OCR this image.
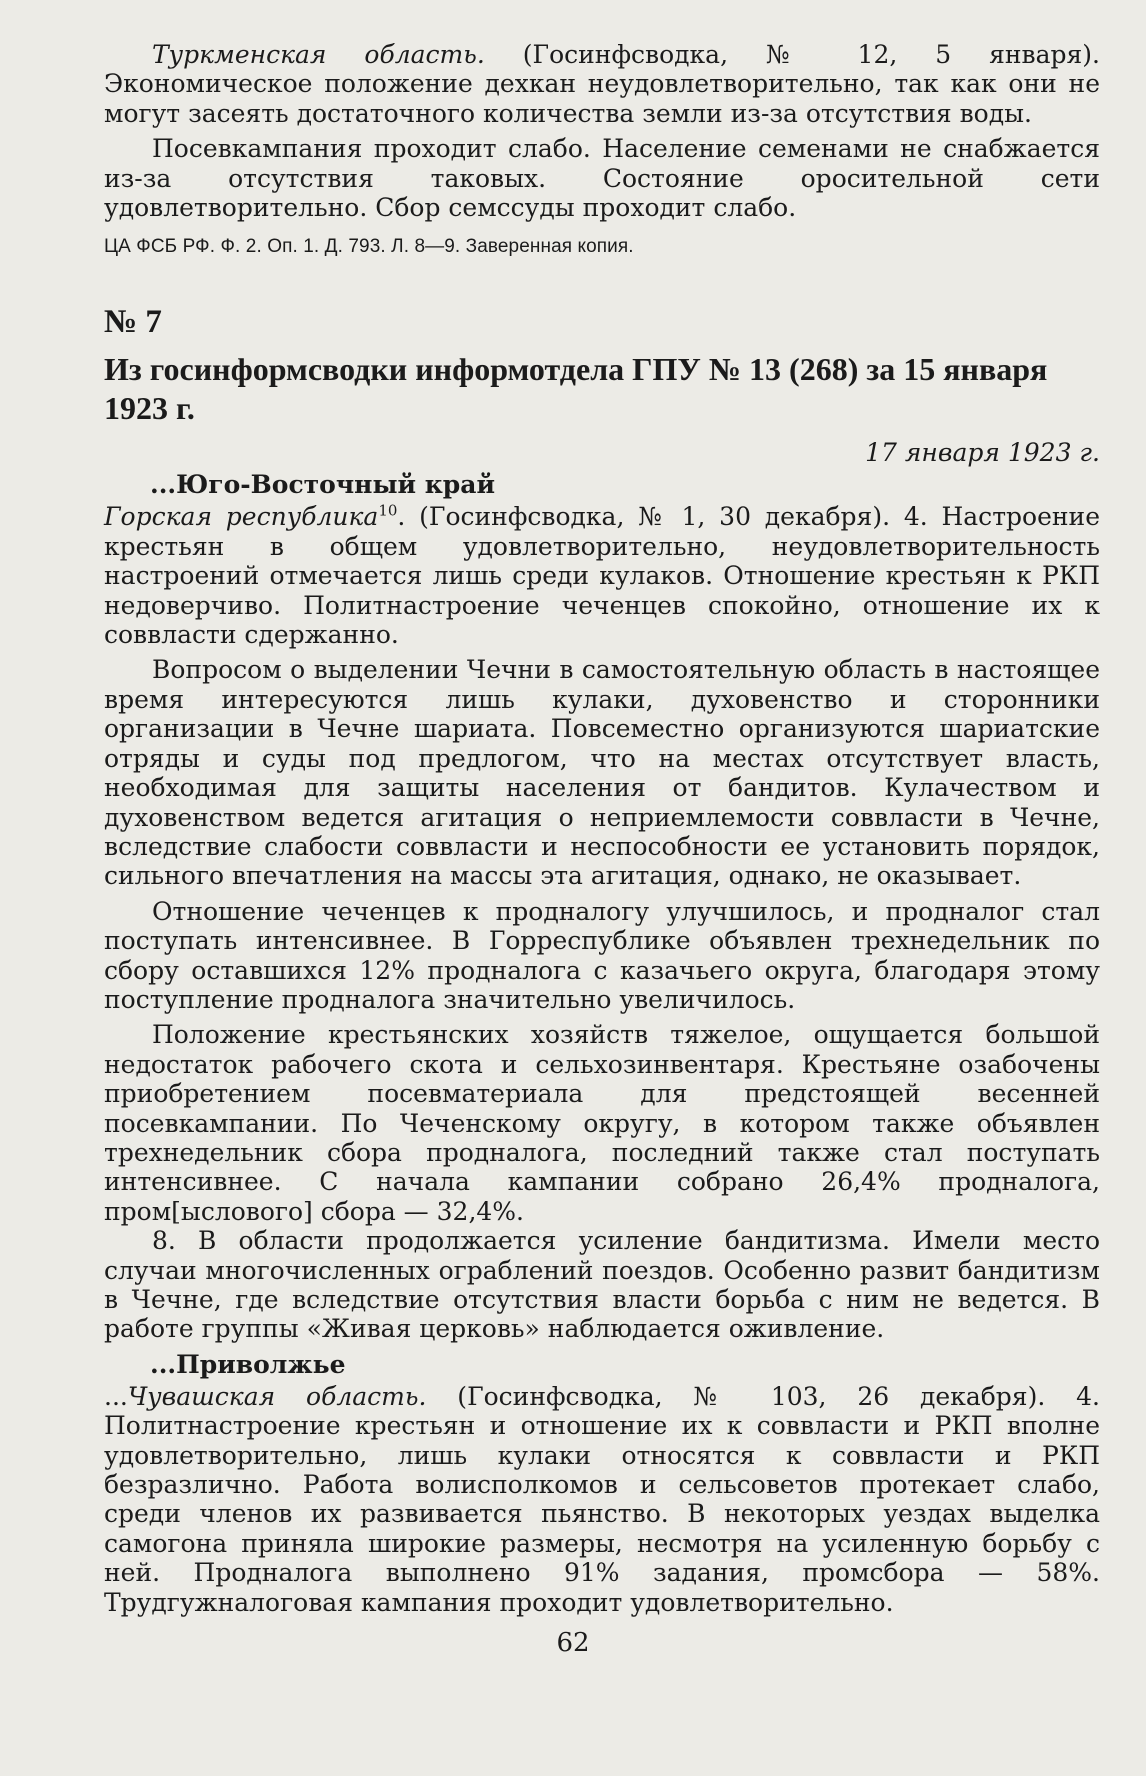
Туркменская область. (Госинфсводка, № 12, 5 января). Экономическое положение дехкан неудовлетворительно, так как они не могут засеять достаточного количества земли из-за отсутствия воды.

Посевкампания проходит слабо. Население семенами не снабжается из-за отсутствия таковых. Состояние оросительной сети удовлетворительно. Сбор семссуды проходит слабо.

ЦА ФСБ РФ. Ф. 2. Оп. 1. Д. 793. Л. 8—9. Заверенная копия.
№ 7
Из госинформсводки информотдела ГПУ № 13 (268) за 15 января 1923 г.
17 января 1923 г.
...Юго-Восточный край

Горская республика$^{10}$. (Госинфсводка, № 1, 30 декабря). 4. Настроение крестьян в общем удовлетворительно, неудовлетворительность настроений отмечается лишь среди кулаков. Отношение крестьян к РКП недоверчиво. Политнастроение чеченцев спокойно, отношение их к соввласти сдержанно.

Вопросом о выделении Чечни в самостоятельную область в настоящее время интересуются лишь кулаки, духовенство и сторонники организации в Чечне шариата. Повсеместно организуются шариатские отряды и суды под предлогом, что на местах отсутствует власть, необходимая для защиты населения от бандитов. Кулачеством и духовенством ведется агитация о неприемлемости соввласти в Чечне, вследствие слабости соввласти и неспособности ее установить порядок, сильного впечатления на массы эта агитация, однако, не оказывает.

Отношение чеченцев к продналогу улучшилось, и продналог стал поступать интенсивнее. В Горреспублике объявлен трехнедельник по сбору оставшихся 12% продналога с казачьего округа, благодаря этому поступление продналога значительно увеличилось.

Положение крестьянских хозяйств тяжелое, ощущается большой недостаток рабочего скота и сельхозинвентаря. Крестьяне озабочены приобретением посевматериала для предстоящей весенней посевкампании. По Чеченскому округу, в котором также объявлен трехнедельник сбора продналога, последний также стал поступать интенсивнее. С начала кампании собрано 26,4% продналога, пром[ыслового] сбора — 32,4%.

8. В области продолжается усиление бандитизма. Имели место случаи многочисленных ограблений поездов. Особенно развит бандитизм в Чечне, где вследствие отсутствия власти борьба с ним не ведется. В работе группы «Живая церковь» наблюдается оживление.

...Приволжье

...Чувашская область. (Госинфсводка, № 103, 26 декабря). 4. Политнастроение крестьян и отношение их к соввласти и РКП вполне удовлетворительно, лишь кулаки относятся к соввласти и РКП безразлично. Работа волисполкомов и сельсоветов протекает слабо, среди членов их развивается пьянство. В некоторых уездах выделка самогона приняла широкие размеры, несмотря на усиленную борьбу с ней. Продналога выполнено 91% задания, промсбора — 58%. Трудгужналоговая кампания проходит удовлетворительно.

62
